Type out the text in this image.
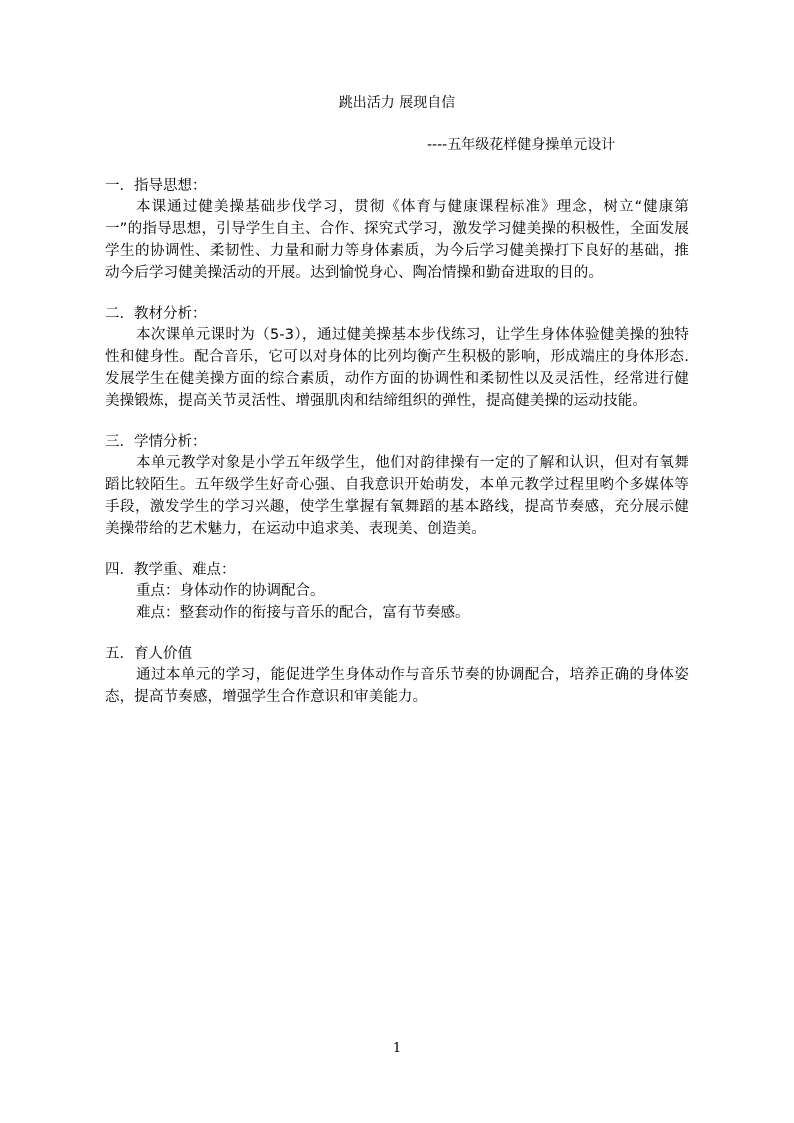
跳出活力 展现自信
----五年级花样健身操单元设计

一．指导思想：

本课通过健美操基础步伐学习，贯彻《体育与健康课程标准》理念，树立“健康第一”的指导思想，引导学生自主、合作、探究式学习，激发学习健美操的积极性，全面发展学生的协调性、柔韧性、力量和耐力等身体素质，为今后学习健美操打下良好的基础，推动今后学习健美操活动的开展。达到愉悦身心、陶冶情操和勤奋进取的目的。

二．教材分析：

本次课单元课时为（5-3），通过健美操基本步伐练习，让学生身体体验健美操的独特性和健身性。配合音乐，它可以对身体的比列均衡产生积极的影响，形成端庄的身体形态.发展学生在健美操方面的综合素质，动作方面的协调性和柔韧性以及灵活性，经常进行健美操锻炼，提高关节灵活性、增强肌肉和结缔组织的弹性，提高健美操的运动技能。

三．学情分析：

本单元教学对象是小学五年级学生，他们对韵律操有一定的了解和认识，但对有氧舞蹈比较陌生。五年级学生好奇心强、自我意识开始萌发，本单元教学过程里哟个多媒体等手段，激发学生的学习兴趣，使学生掌握有氧舞蹈的基本路线，提高节奏感，充分展示健美操带给的艺术魅力，在运动中追求美、表现美、创造美。

四．教学重、难点：

重点：身体动作的协调配合。

难点：整套动作的衔接与音乐的配合，富有节奏感。

五．育人价值

通过本单元的学习，能促进学生身体动作与音乐节奏的协调配合，培养正确的身体姿态，提高节奏感，增强学生合作意识和审美能力。

1
